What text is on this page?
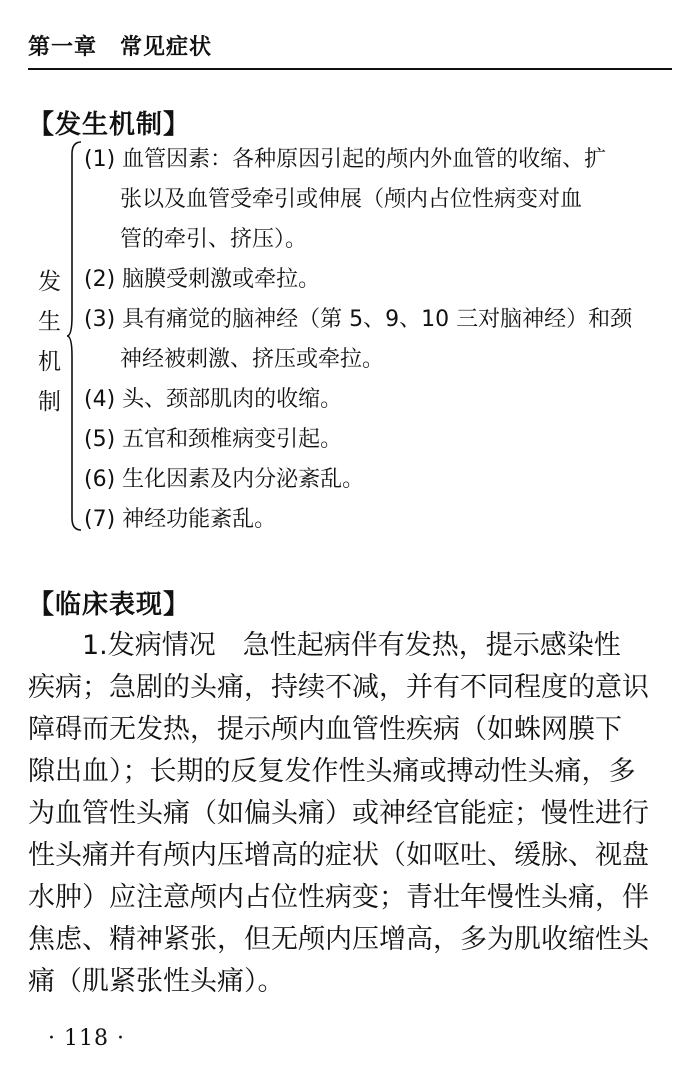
第一章　常见症状
【发生机制】
发
生
机
制
(1) 血管因素：各种原因引起的颅内外血管的收缩、扩
张以及血管受牵引或伸展（颅内占位性病变对血
管的牵引、挤压）。
(2) 脑膜受刺激或牵拉。
(3) 具有痛觉的脑神经（第 5、9、10 三对脑神经）和颈
神经被刺激、挤压或牵拉。
(4) 头、颈部肌肉的收缩。
(5) 五官和颈椎病变引起。
(6) 生化因素及内分泌紊乱。
(7) 神经功能紊乱。
【临床表现】
　　1.发病情况　急性起病伴有发热，提示感染性
疾病；急剧的头痛，持续不减，并有不同程度的意识
障碍而无发热，提示颅内血管性疾病（如蛛网膜下
隙出血）；长期的反复发作性头痛或搏动性头痛，多
为血管性头痛（如偏头痛）或神经官能症；慢性进行
性头痛并有颅内压增高的症状（如呕吐、缓脉、视盘
水肿）应注意颅内占位性病变；青壮年慢性头痛，伴
焦虑、精神紧张，但无颅内压增高，多为肌收缩性头
痛（肌紧张性头痛）。
· 118 ·
